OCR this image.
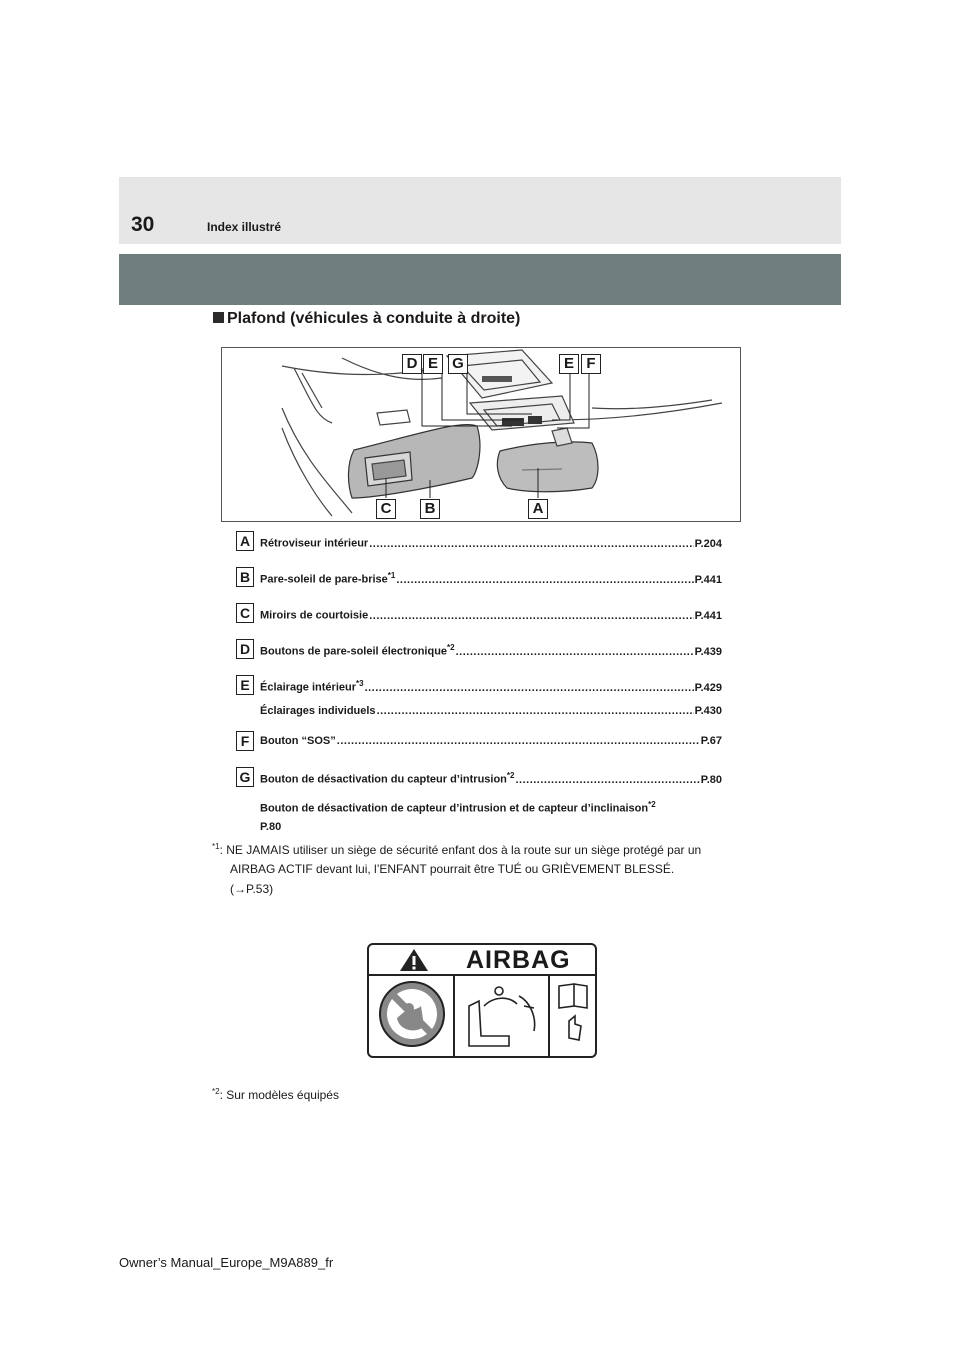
30	Index illustré
Plafond (véhicules à conduite à droite)
D E G	E F
C	B	A
A Rétroviseur intérieur .....	P.204
B Pare-soleil de pare-brise$^{*1}$ .....	P.441
C Miroirs de courtoisie .....	P.441
D Boutons de pare-soleil électronique$^{*2}$ .....	P.439
E Éclairage intérieur$^{*3}$ .....	P.429
Éclairages individuels .....	P.430
F Bouton “SOS” .....	P.67
G Bouton de désactivation du capteur d’intrusion$^{*2}$ .....	P.80
Bouton de désactivation de capteur d’intrusion et de capteur d’inclinaison$^{*2}$
P.80
$^{*1}$: NE JAMAIS utiliser un siège de sécurité enfant dos à la route sur un siège protégé par un
AIRBAG ACTIF devant lui, l’ENFANT pourrait être TUÉ ou GRIÈVEMENT BLESSÉ.
(→P.53)
AIRBAG
$^{*2}$: Sur modèles équipés
Owner’s Manual_Europe_M9A889_fr
